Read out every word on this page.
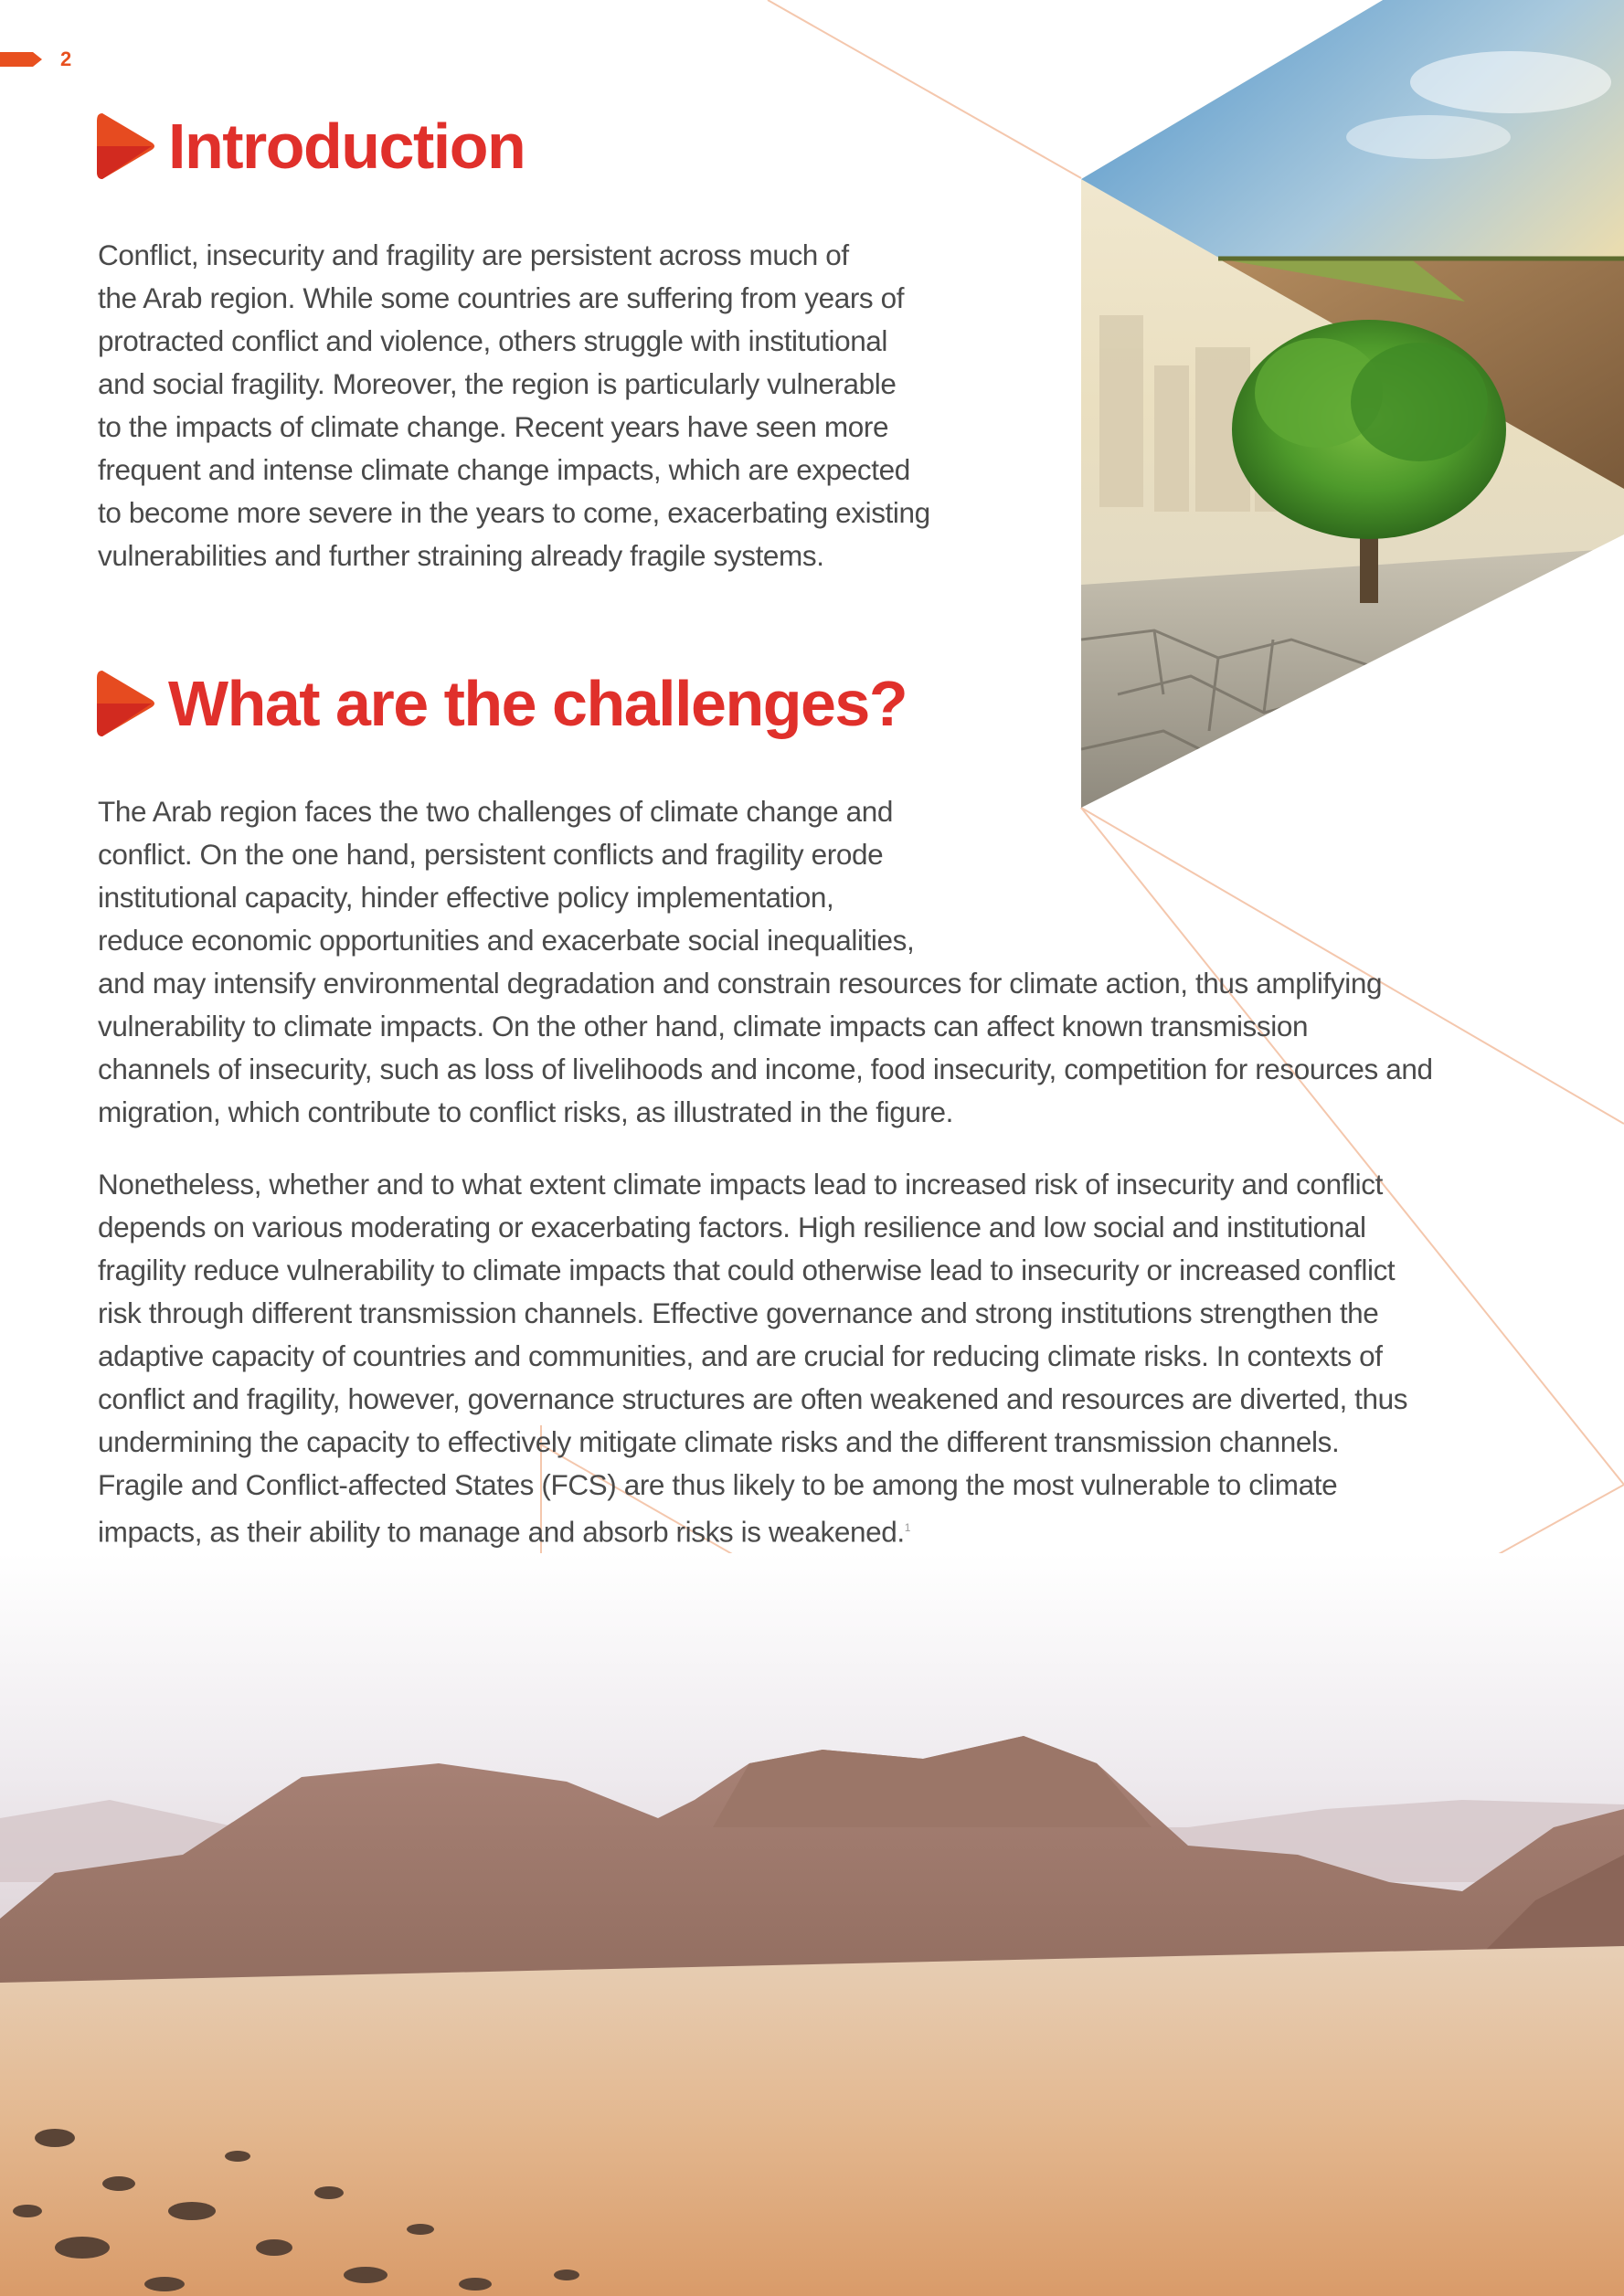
2
Introduction
Conflict, insecurity and fragility are persistent across much of
the Arab region. While some countries are suffering from years of
protracted conflict and violence, others struggle with institutional
and social fragility. Moreover, the region is particularly vulnerable
to the impacts of climate change. Recent years have seen more
frequent and intense climate change impacts, which are expected
to become more severe in the years to come, exacerbating existing
vulnerabilities and further straining already fragile systems.
What are the challenges?
The Arab region faces the two challenges of climate change and
conflict. On the one hand, persistent conflicts and fragility erode
institutional capacity, hinder effective policy implementation,
reduce economic opportunities and exacerbate social inequalities,
and may intensify environmental degradation and constrain resources for climate action, thus amplifying
vulnerability to climate impacts. On the other hand, climate impacts can affect known transmission
channels of insecurity, such as loss of livelihoods and income, food insecurity, competition for resources and
migration, which contribute to conflict risks, as illustrated in the figure.
Nonetheless, whether and to what extent climate impacts lead to increased risk of insecurity and conflict
depends on various moderating or exacerbating factors. High resilience and low social and institutional
fragility reduce vulnerability to climate impacts that could otherwise lead to insecurity or increased conflict
risk through different transmission channels. Effective governance and strong institutions strengthen the
adaptive capacity of countries and communities, and are crucial for reducing climate risks. In contexts of
conflict and fragility, however, governance structures are often weakened and resources are diverted, thus
undermining the capacity to effectively mitigate climate risks and the different transmission channels.
Fragile and Conflict-affected States (FCS) are thus likely to be among the most vulnerable to climate
impacts, as their ability to manage and absorb risks is weakened.$^1$
